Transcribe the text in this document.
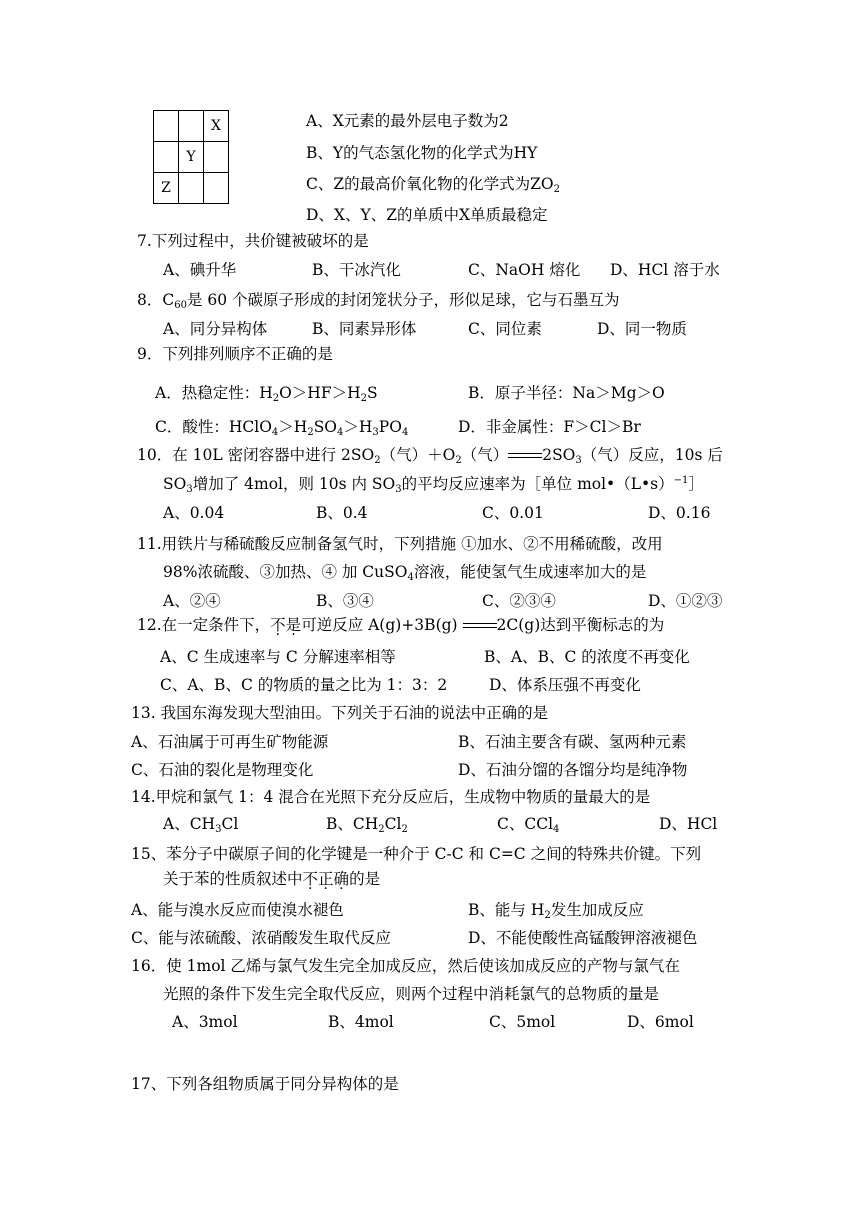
		X
	Y	
Z		
A、X元素的最外层电子数为2
B、Y的气态氢化物的化学式为HY
C、Z的最高价氧化物的化学式为$ZO_2$
D、X、Y、Z的单质中X单质最稳定
7.下列过程中，共价键被破坏的是
A、碘升华	B、干冰汽化	C、NaOH 熔化 D、HCl 溶于水
8．$C_{60}$是 60 个碳原子形成的封闭笼状分子，形似足球，它与石墨互为
A、同分异构体	B、同素异形体	C、同位素	D、同一物质
9．下列排列顺序不正确的是
A．热稳定性：$H_2O>HF>H_2S$	B．原子半径：Na＞Mg＞O
C．酸性：$HClO_4>H_2SO_4>H_3PO_4$	D．非金属性：F＞Cl＞Br
10．在 10L 密闭容器中进行 $2SO_2$（气）$+O_2$（气） $2SO_3$（气）反应，10s 后
$SO_3$增加了 4mol，则 10s 内 $SO_3$的平均反应速率为［单位 mol•（L•s）$^{-1}$］
A、0.04	B、0.4	C、0.01	D、0.16
11.用铁片与稀硫酸反应制备氢气时，下列措施 ①加水、②不用稀硫酸，改用
98%浓硫酸、③加热、④ 加 CuSO$_4$溶液，能使氢气生成速率加大的是
A、②④	B、③④	C、②③④	D、①②③
12.在一定条件下，不是可逆反应 A(g)+3B(g)	2C(g)达到平衡标志的为
A、C 生成速率与 C 分解速率相等	B、A、B、C 的浓度不再变化
C、A、B、C 的物质的量之比为 1：3：2	D、体系压强不再变化
13. 我国东海发现大型油田。下列关于石油的说法中正确的是
A、石油属于可再生矿物能源	B、石油主要含有碳、氢两种元素
C、石油的裂化是物理变化	D、石油分馏的各馏分均是纯净物
14.甲烷和氯气 1：4 混合在光照下充分反应后，生成物中物质的量最大的是
A、$CH_3Cl$	B、$CH_2Cl_2$	C、CCl$_4$	D、HCl
15、苯分子中碳原子间的化学键是一种介于 C-C 和 C=C 之间的特殊共价键。下列
关于苯的性质叙述中不正确的是
A、能与溴水反应而使溴水褪色	B、能与 $H_2$发生加成反应
C、能与浓硫酸、浓硝酸发生取代反应	D、不能使酸性高锰酸钾溶液褪色
16．使 1mol 乙烯与氯气发生完全加成反应，然后使该加成反应的产物与氯气在
光照的条件下发生完全取代反应，则两个过程中消耗氯气的总物质的量是
A、3mol	B、4mol	C、5mol	D、6mol
17、下列各组物质属于同分异构体的是
